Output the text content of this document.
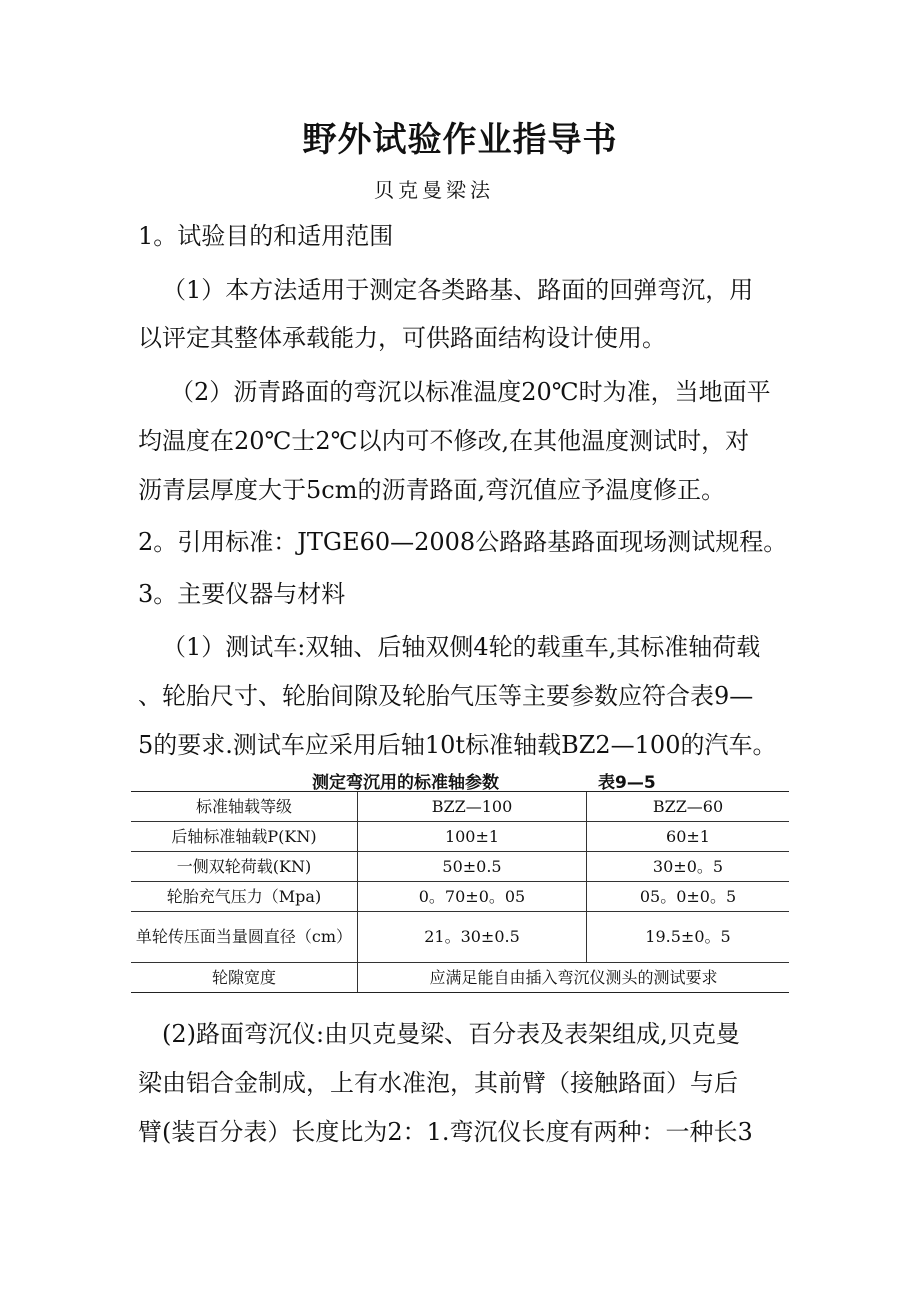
野外试验作业指导书
贝克曼梁法
1。试验目的和适用范围
（1）本方法适用于测定各类路基、路面的回弹弯沉，用
以评定其整体承载能力，可供路面结构设计使用。
（2）沥青路面的弯沉以标准温度20℃时为准，当地面平
均温度在20℃士2℃以内可不修改,在其他温度测试时，对
沥青层厚度大于5cm的沥青路面,弯沉值应予温度修正。
2。引用标准：JTGE60—2008公路路基路面现场测试规程。
3。主要仪器与材料
（1）测试车:双轴、后轴双侧4轮的载重车,其标准轴荷载
、轮胎尺寸、轮胎间隙及轮胎气压等主要参数应符合表9—
5的要求.测试车应采用后轴10t标准轴载BZ2—100的汽车。
测定弯沉用的标准轴参数	表9—5
标准轴载等级	BZZ—100	BZZ—60
后轴标准轴载P(KN)	100±1	60±1
一侧双轮荷载(KN)	50±0.5	30±0。5
轮胎充气压力（Mpa)	0。70±0。05	05。0±0。5
单轮传压面当量圆直径（cm）	21。30±0.5	19.5±0。5
轮隙宽度	应满足能自由插入弯沉仪测头的测试要求	
(2)路面弯沉仪:由贝克曼梁、百分表及表架组成,贝克曼
梁由铝合金制成，上有水准泡，其前臂（接触路面）与后
臂(装百分表）长度比为2：1.弯沉仪长度有两种：一种长3
